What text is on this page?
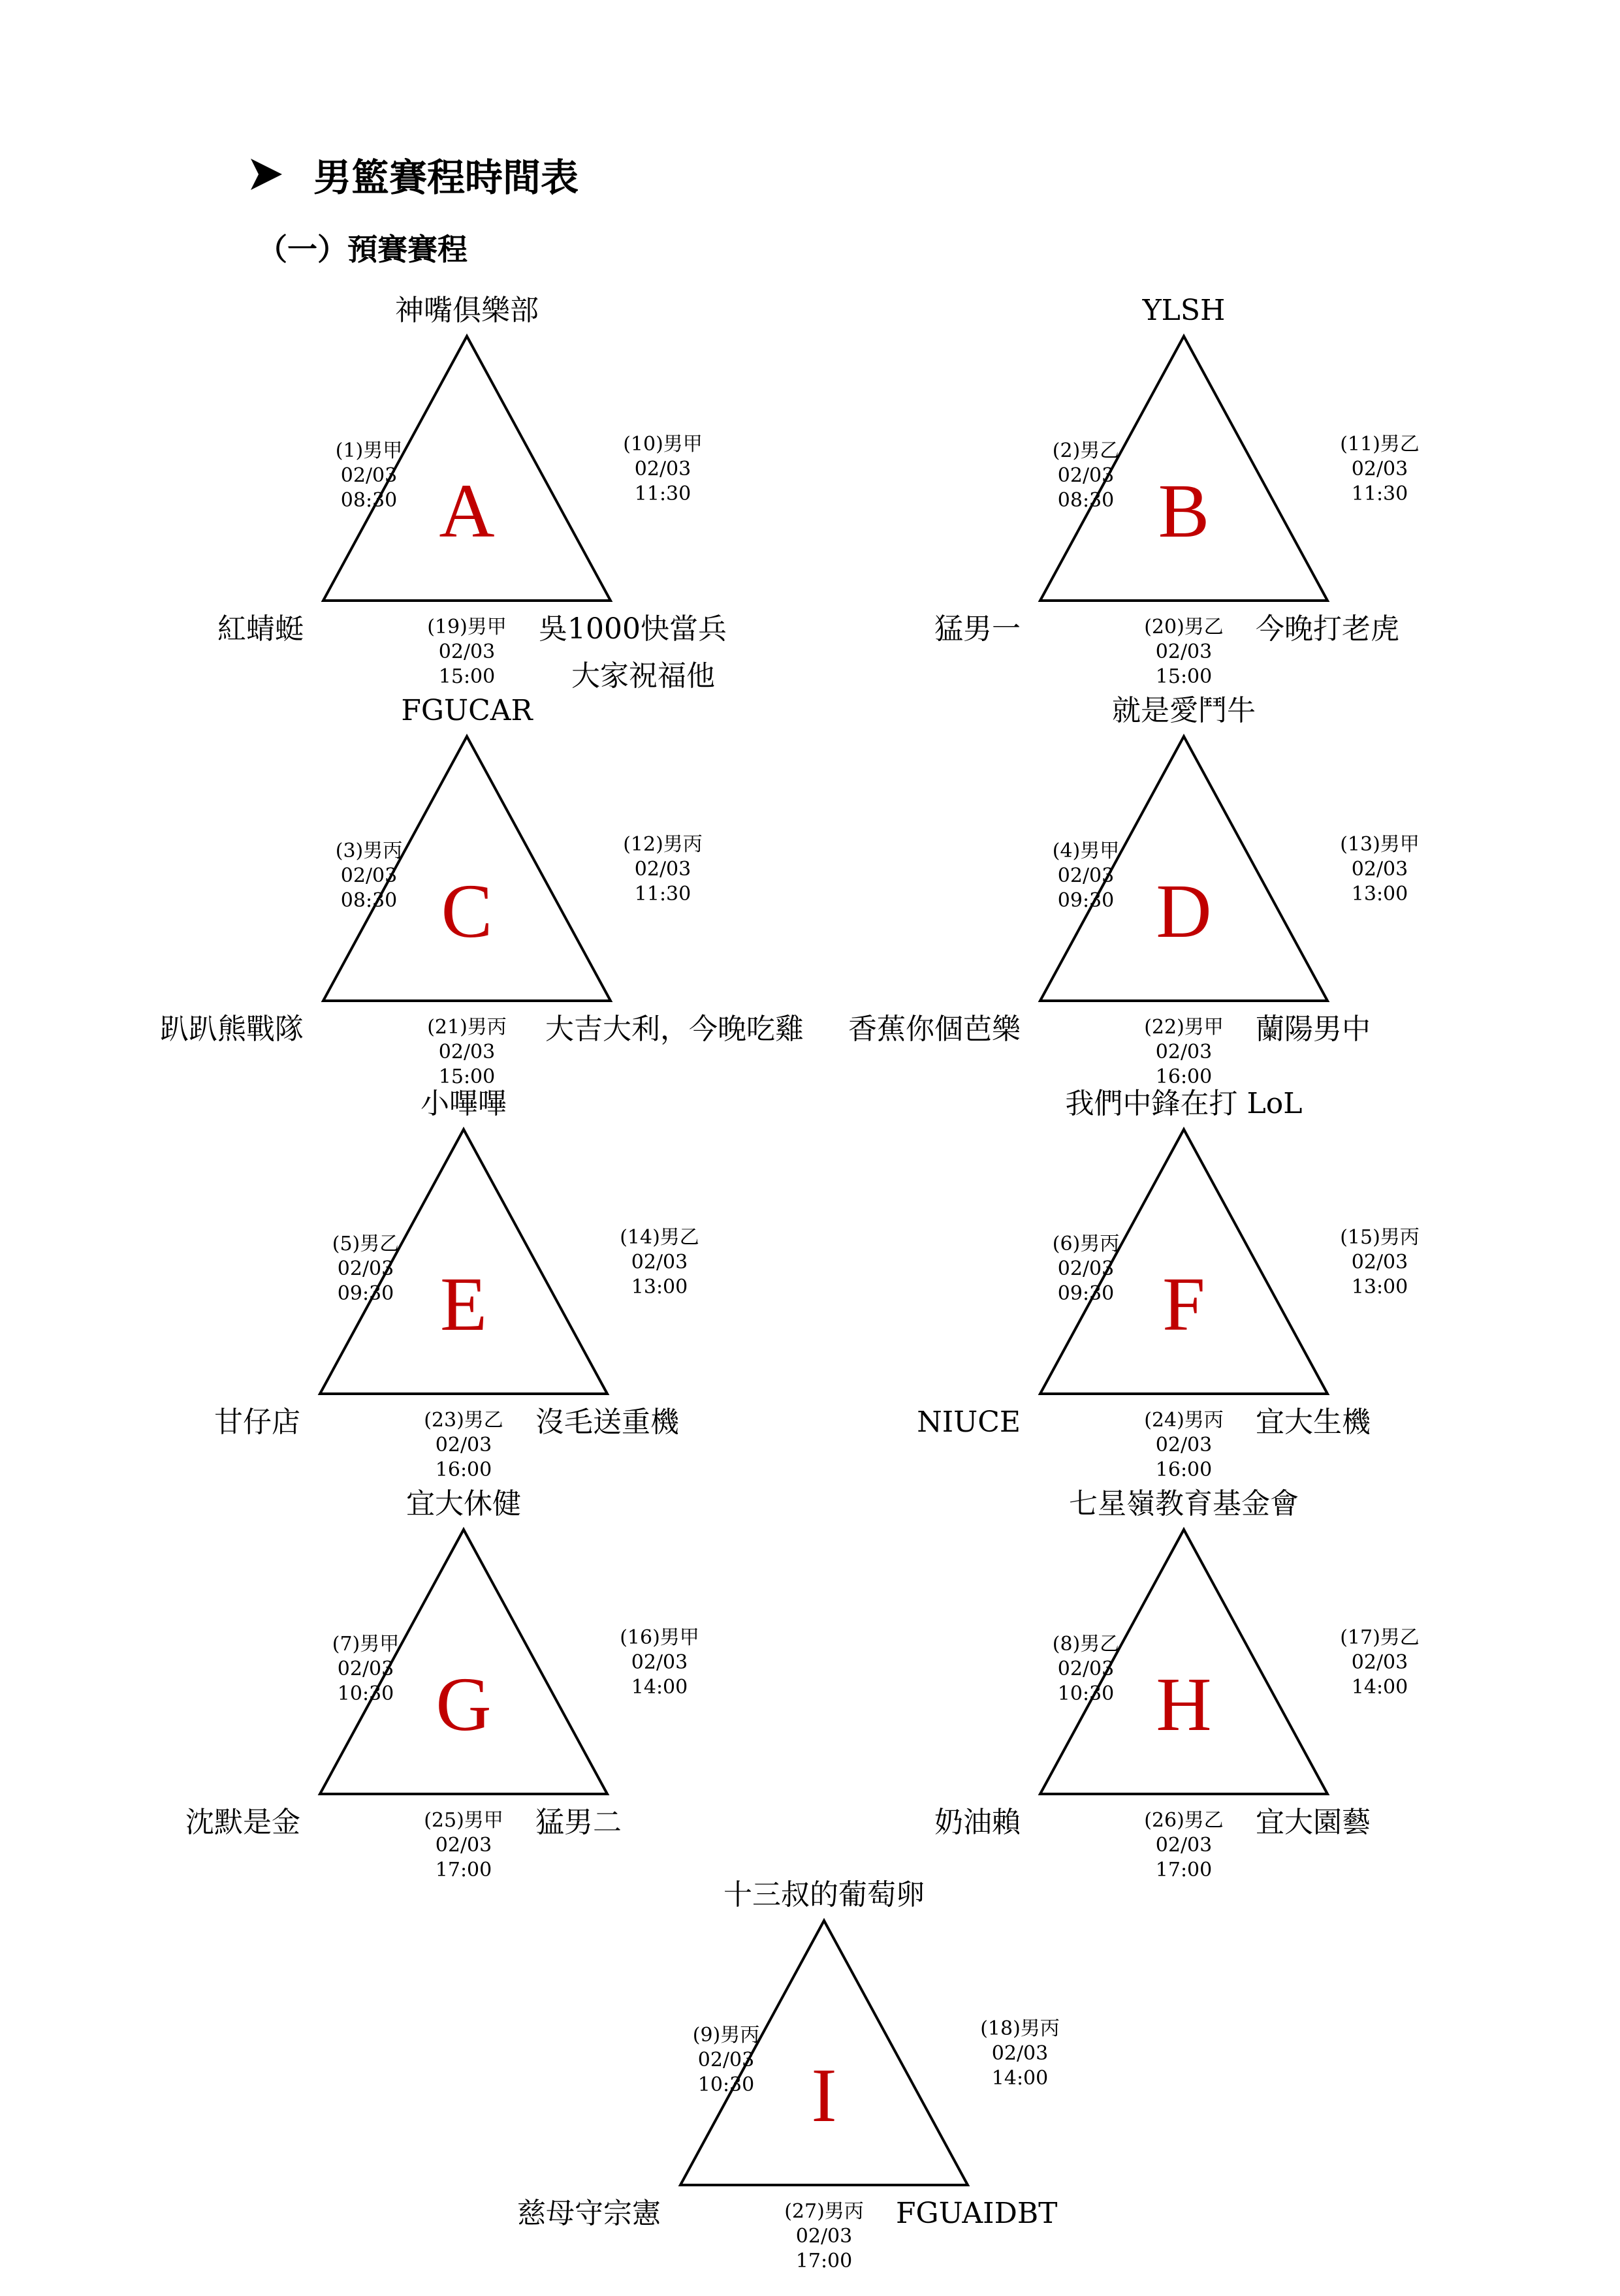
男籃賽程時間表
（一）預賽賽程
A
神嘴俱樂部
紅蜻蜓	吳1000快當兵
大家祝福他
(1)男甲
02/03
08:30
(10)男甲
02/03
11:30
(19)男甲
02/03
15:00
B
YLSH
猛男一	今晚打老虎
(2)男乙
02/03
08:30
(11)男乙
02/03
11:30
(20)男乙
02/03
15:00
C
FGUCAR
趴趴熊戰隊	大吉大利，今晚吃雞
(3)男丙
02/03
08:30
(12)男丙
02/03
11:30
(21)男丙
02/03
15:00
D
就是愛鬥牛
香蕉你個芭樂	蘭陽男中
(4)男甲
02/03
09:30
(13)男甲
02/03
13:00
(22)男甲
02/03
16:00
E
小嗶嗶
甘仔店	沒毛送重機
(5)男乙
02/03
09:30
(14)男乙
02/03
13:00
(23)男乙
02/03
16:00
F
我們中鋒在打 LoL
NIUCE	宜大生機
(6)男丙
02/03
09:30
(15)男丙
02/03
13:00
(24)男丙
02/03
16:00
G
宜大休健
沈默是金	猛男二
(7)男甲
02/03
10:30
(16)男甲
02/03
14:00
(25)男甲
02/03
17:00
H
七星嶺教育基金會
奶油賴	宜大園藝
(8)男乙
02/03
10:30
(17)男乙
02/03
14:00
(26)男乙
02/03
17:00
I
十三叔的葡萄卵
慈母守宗憲	FGUAIDBT
(9)男丙
02/03
10:30
(18)男丙
02/03
14:00
(27)男丙
02/03
17:00
